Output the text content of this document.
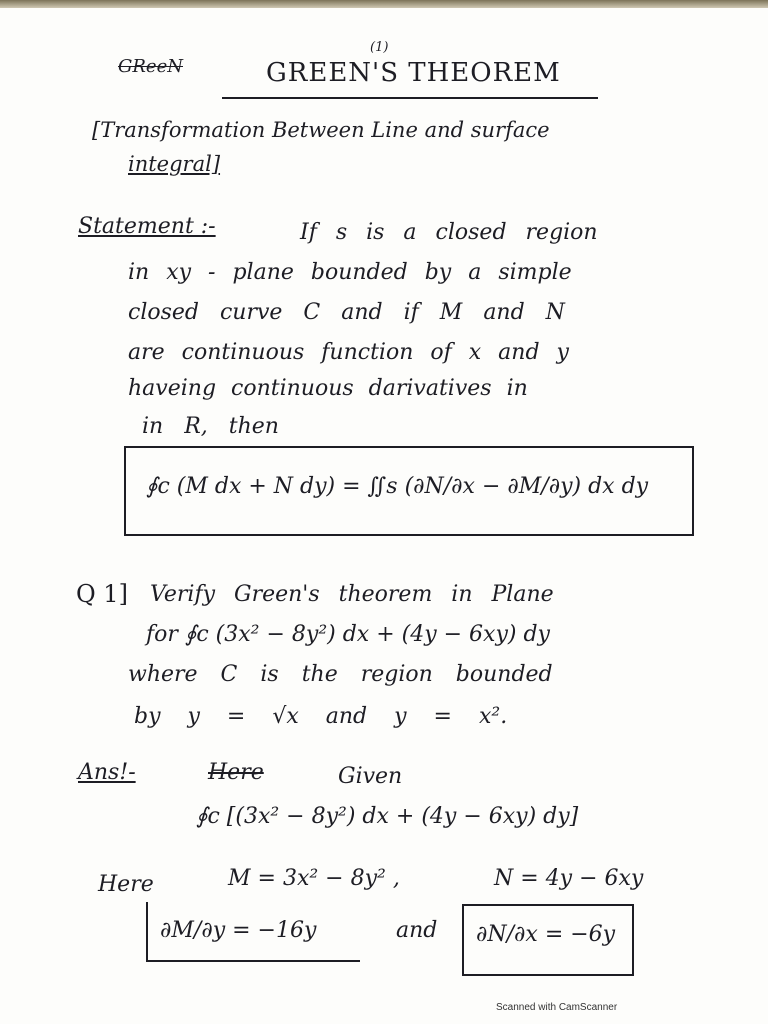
GReeN
(1)
GREEN'S THEOREM
[Transformation Between Line and surface
integral]
Statement :-	If s is a closed region
in xy - plane bounded by a simple
closed curve C and if M and N
are continuous function of x and y
haveing continuous darivatives in
in R, then
∮c (M dx + N dy) = ∬s (∂N/∂x − ∂M/∂y) dx dy
Q 1] Verify Green's theorem in Plane
for ∮c (3x² − 8y²) dx + (4y − 6xy) dy
where C is the region bounded
by y = √x and y = x².
Ans!-	Here	Given
∮c [(3x² − 8y²) dx + (4y − 6xy) dy]
Here	M = 3x² − 8y² ,	N = 4y − 6xy
∂M/∂y = −16y	and ∂N/∂x = −6y
Scanned with CamScanner
